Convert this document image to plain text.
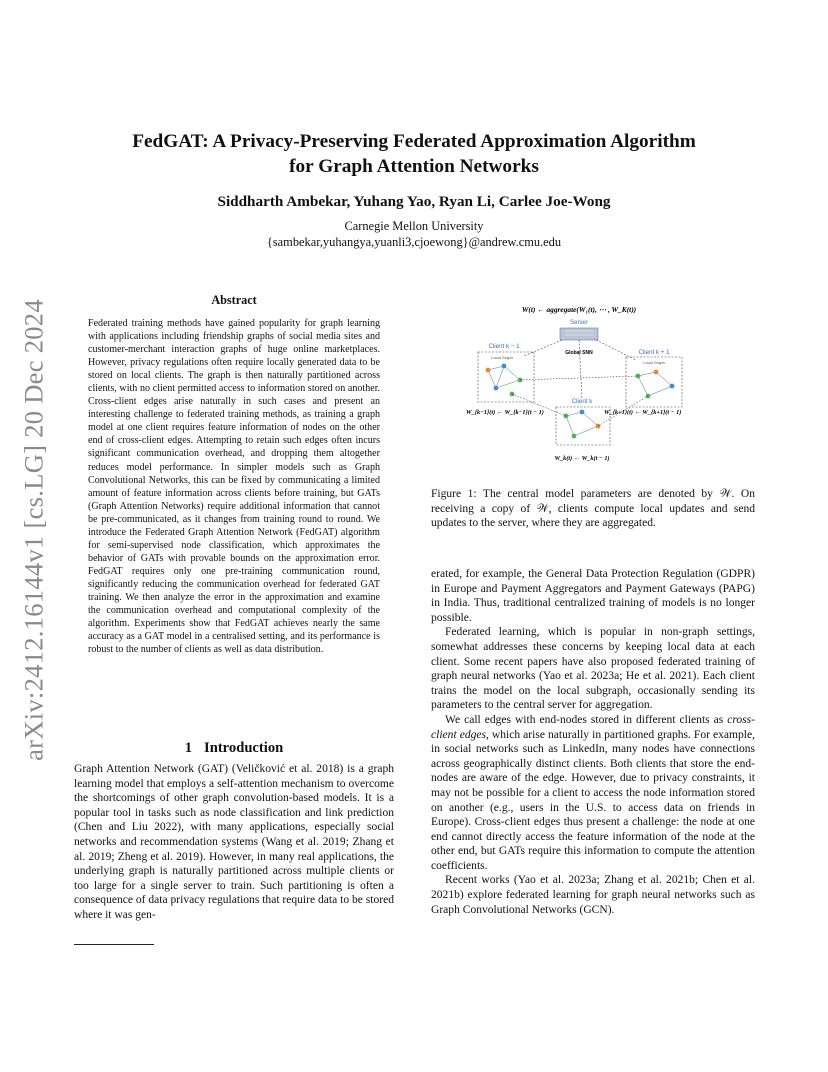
arXiv:2412.16144v1 [cs.LG] 20 Dec 2024
FedGAT: A Privacy-Preserving Federated Approximation Algorithm
for Graph Attention Networks

Siddharth Ambekar, Yuhang Yao, Ryan Li, Carlee Joe-Wong

Carnegie Mellon University
{sambekar,yuhangya,yuanli3,cjoewong}@andrew.cmu.edu

Abstract

Federated training methods have gained popularity for graph learning with applications including friendship graphs of social media sites and customer-merchant interaction graphs of huge online marketplaces. However, privacy regulations often require locally generated data to be stored on local clients. The graph is then naturally partitioned across clients, with no client permitted access to information stored on another. Cross-client edges arise naturally in such cases and present an interesting challenge to federated training methods, as training a graph model at one client requires feature information of nodes on the other end of cross-client edges. Attempting to retain such edges often incurs significant communication overhead, and dropping them altogether reduces model performance. In simpler models such as Graph Convolutional Networks, this can be fixed by communicating a limited amount of feature information across clients before training, but GATs (Graph Attention Networks) require additional information that cannot be pre-communicated, as it changes from training round to round. We introduce the Federated Graph Attention Network (FedGAT) algorithm for semi-supervised node classification, which approximates the behavior of GATs with provable bounds on the approximation error. FedGAT requires only one pre-training communication round, significantly reducing the communication overhead for federated GAT training. We then analyze the error in the approximation and examine the communication overhead and computational complexity of the algorithm. Experiments show that FedGAT achieves nearly the same accuracy as a GAT model in a centralised setting, and its performance is robust to the number of clients as well as data distribution.

1 Introduction

Graph Attention Network (GAT) (Veličković et al. 2018) is a graph learning model that employs a self-attention mechanism to overcome the shortcomings of other graph convolution-based models. It is a popular tool in tasks such as node classification and link prediction (Chen and Liu 2022), with many applications, especially social networks and recommendation systems (Wang et al. 2019; Zhang et al. 2019; Zheng et al. 2019). However, in many real applications, the underlying graph is naturally partitioned across multiple clients or too large for a single server to train. Such partitioning is often a consequence of data privacy regulations that require data to be stored where it was gen-

W(t) ← aggregate(W₁(t), ⋯ , W_K(t))
Server
Global SNN
Client k − 1
Local Graph
Client k + 1
Local Graph
Client k
W_{k−1}(t) ← W_{k−1}(t − 1)	W_{k+1}(t) ← W_{k+1}(t − 1)
W_k(t) ← W_k(t − 1)

Figure 1: The central model parameters are denoted by 𝒲. On receiving a copy of 𝒲, clients compute local updates and send updates to the server, where they are aggregated.

erated, for example, the General Data Protection Regulation (GDPR) in Europe and Payment Aggregators and Payment Gateways (PAPG) in India. Thus, traditional centralized training of models is no longer possible.

Federated learning, which is popular in non-graph settings, somewhat addresses these concerns by keeping local data at each client. Some recent papers have also proposed federated training of graph neural networks (Yao et al. 2023a; He et al. 2021). Each client trains the model on the local subgraph, occasionally sending its parameters to the central server for aggregation.

We call edges with end-nodes stored in different clients as cross-client edges, which arise naturally in partitioned graphs. For example, in social networks such as LinkedIn, many nodes have connections across geographically distinct clients. Both clients that store the end-nodes are aware of the edge. However, due to privacy constraints, it may not be possible for a client to access the node information stored on another (e.g., users in the U.S. to access data on friends in Europe). Cross-client edges thus present a challenge: the node at one end cannot directly access the feature information of the node at the other end, but GATs require this information to compute the attention coefficients.

Recent works (Yao et al. 2023a; Zhang et al. 2021b; Chen et al. 2021b) explore federated learning for graph neural networks such as Graph Convolutional Networks (GCN).
